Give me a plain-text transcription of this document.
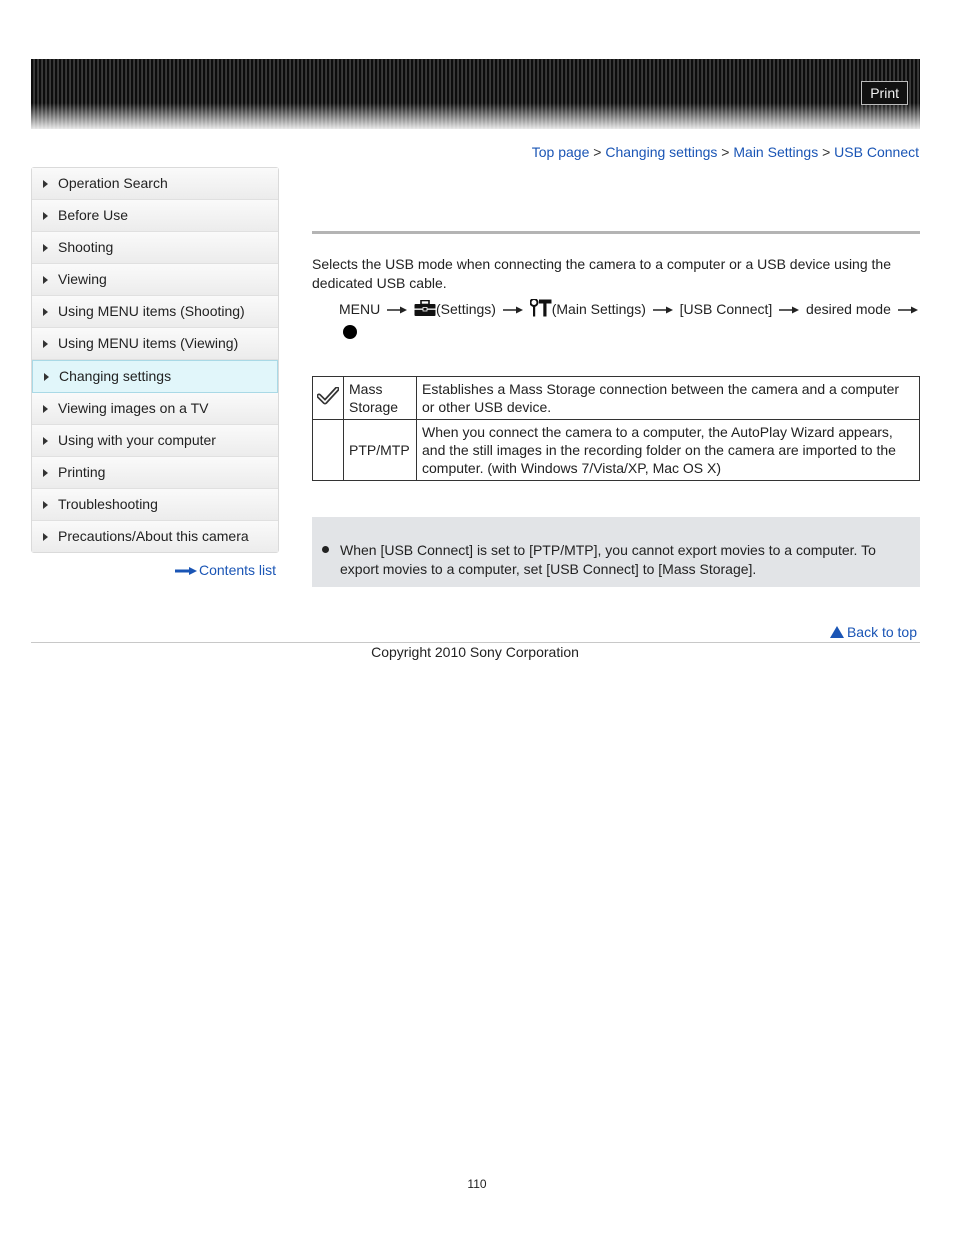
Print
Top page > Changing settings > Main Settings > USB Connect
Operation Search
Before Use
Shooting
Viewing
Using MENU items (Shooting)
Using MENU items (Viewing)
Changing settings
Viewing images on a TV
Using with your computer
Printing
Troubleshooting
Precautions/About this camera
Contents list
Selects the USB mode when connecting the camera to a computer or a USB device using the dedicated USB cable.
MENU	(Settings)	(Main Settings) [USB Connect] desired mode
	Mass Storage	Establishes a Mass Storage connection between the camera and a computer or other USB device.
	PTP/MTP	When you connect the camera to a computer, the AutoPlay Wizard appears, and the still images in the recording folder on the camera are imported to the computer. (with Windows 7/Vista/XP, Mac OS X)
When [USB Connect] is set to [PTP/MTP], you cannot export movies to a computer. To export movies to a computer, set [USB Connect] to [Mass Storage].
Back to top
Copyright 2010 Sony Corporation
110
